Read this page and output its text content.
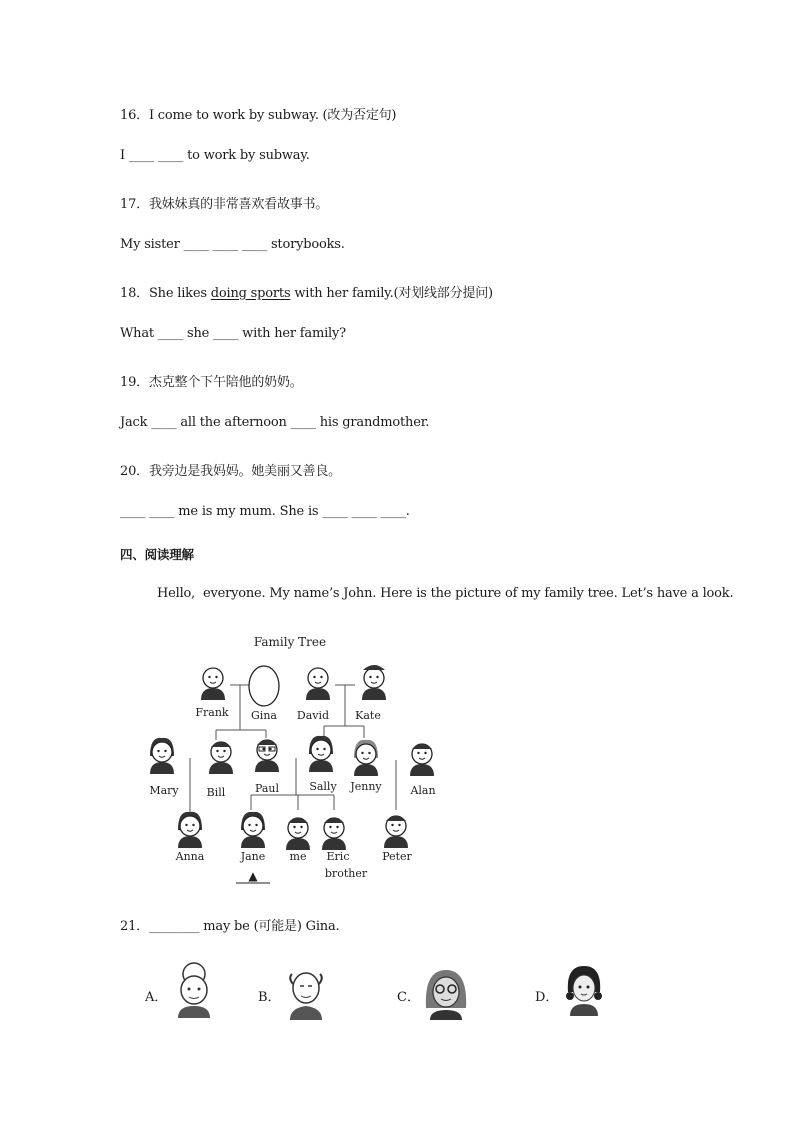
16．I come to work by subway. (改为否定句)
I ____ ____ to work by subway.
17．我妹妹真的非常喜欢看故事书。
My sister ____ ____ ____ storybooks.
18．She likes doing sports with her family.(对划线部分提问)
What ____ she ____ with her family?
19．杰克整个下午陪他的奶奶。
Jack ____ all the afternoon ____ his grandmother.
20．我旁边是我妈妈。她美丽又善良。
____ ____ me is my mum. She is ____ ____ ____.
四、阅读理解
Hello,  everyone. My name’s John. Here is the picture of my family tree. Let’s have a look.
Family Tree
Frank Gina David Kate
Mary	Bill	Paul	Sally Jenny	Alan
Anna	Jane me Eric
brother
Peter
▲
21．________ may be (可能是) Gina.
A．	B．	C．	D．
